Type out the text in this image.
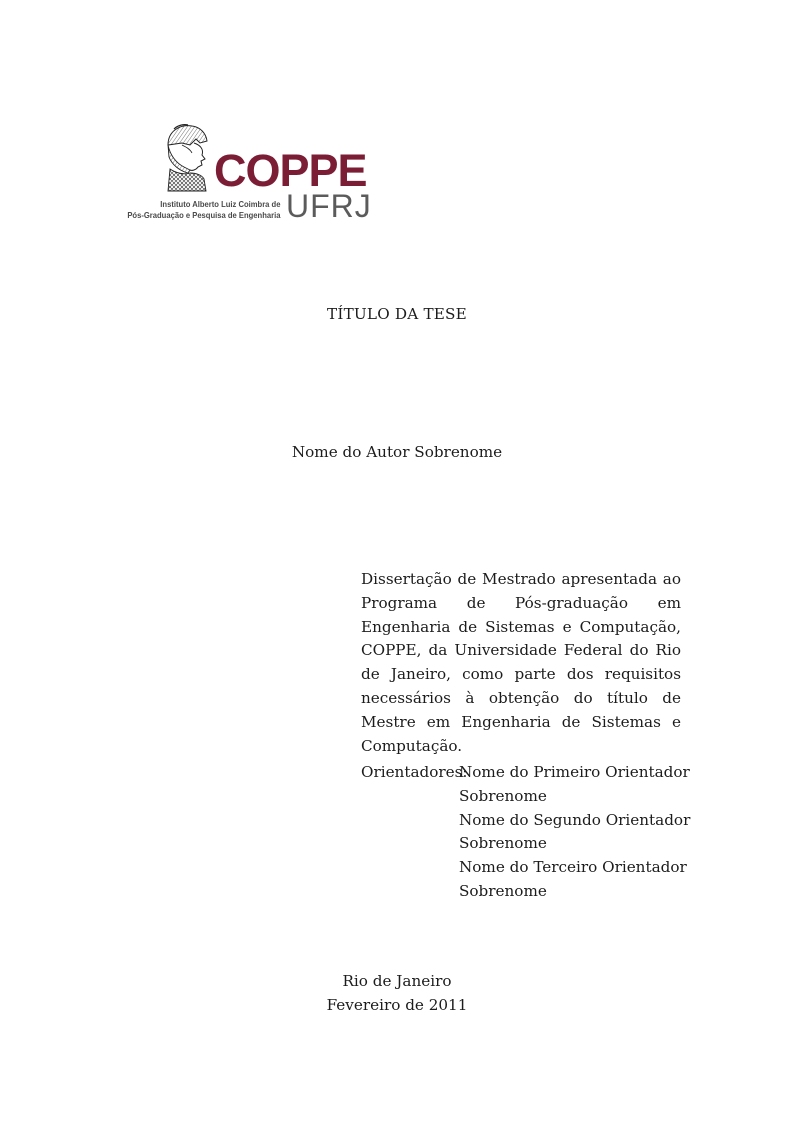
COPPE
UFRJ
Instituto Alberto Luiz Coimbra de
Pós-Graduação e Pesquisa de Engenharia
TÍTULO DA TESE
Nome do Autor Sobrenome

Dissertação de Mestrado apresentada ao Programa de Pós-graduação em Engenharia de Sistemas e Computação, COPPE, da Universidade Federal do Rio de Janeiro, como parte dos requisitos necessários à obtenção do título de Mestre em Engenharia de Sistemas e Computação.

Orientadores:
Nome do Primeiro Orientador
Sobrenome
Nome do Segundo Orientador
Sobrenome
Nome do Terceiro Orientador
Sobrenome
Rio de Janeiro
Fevereiro de 2011
